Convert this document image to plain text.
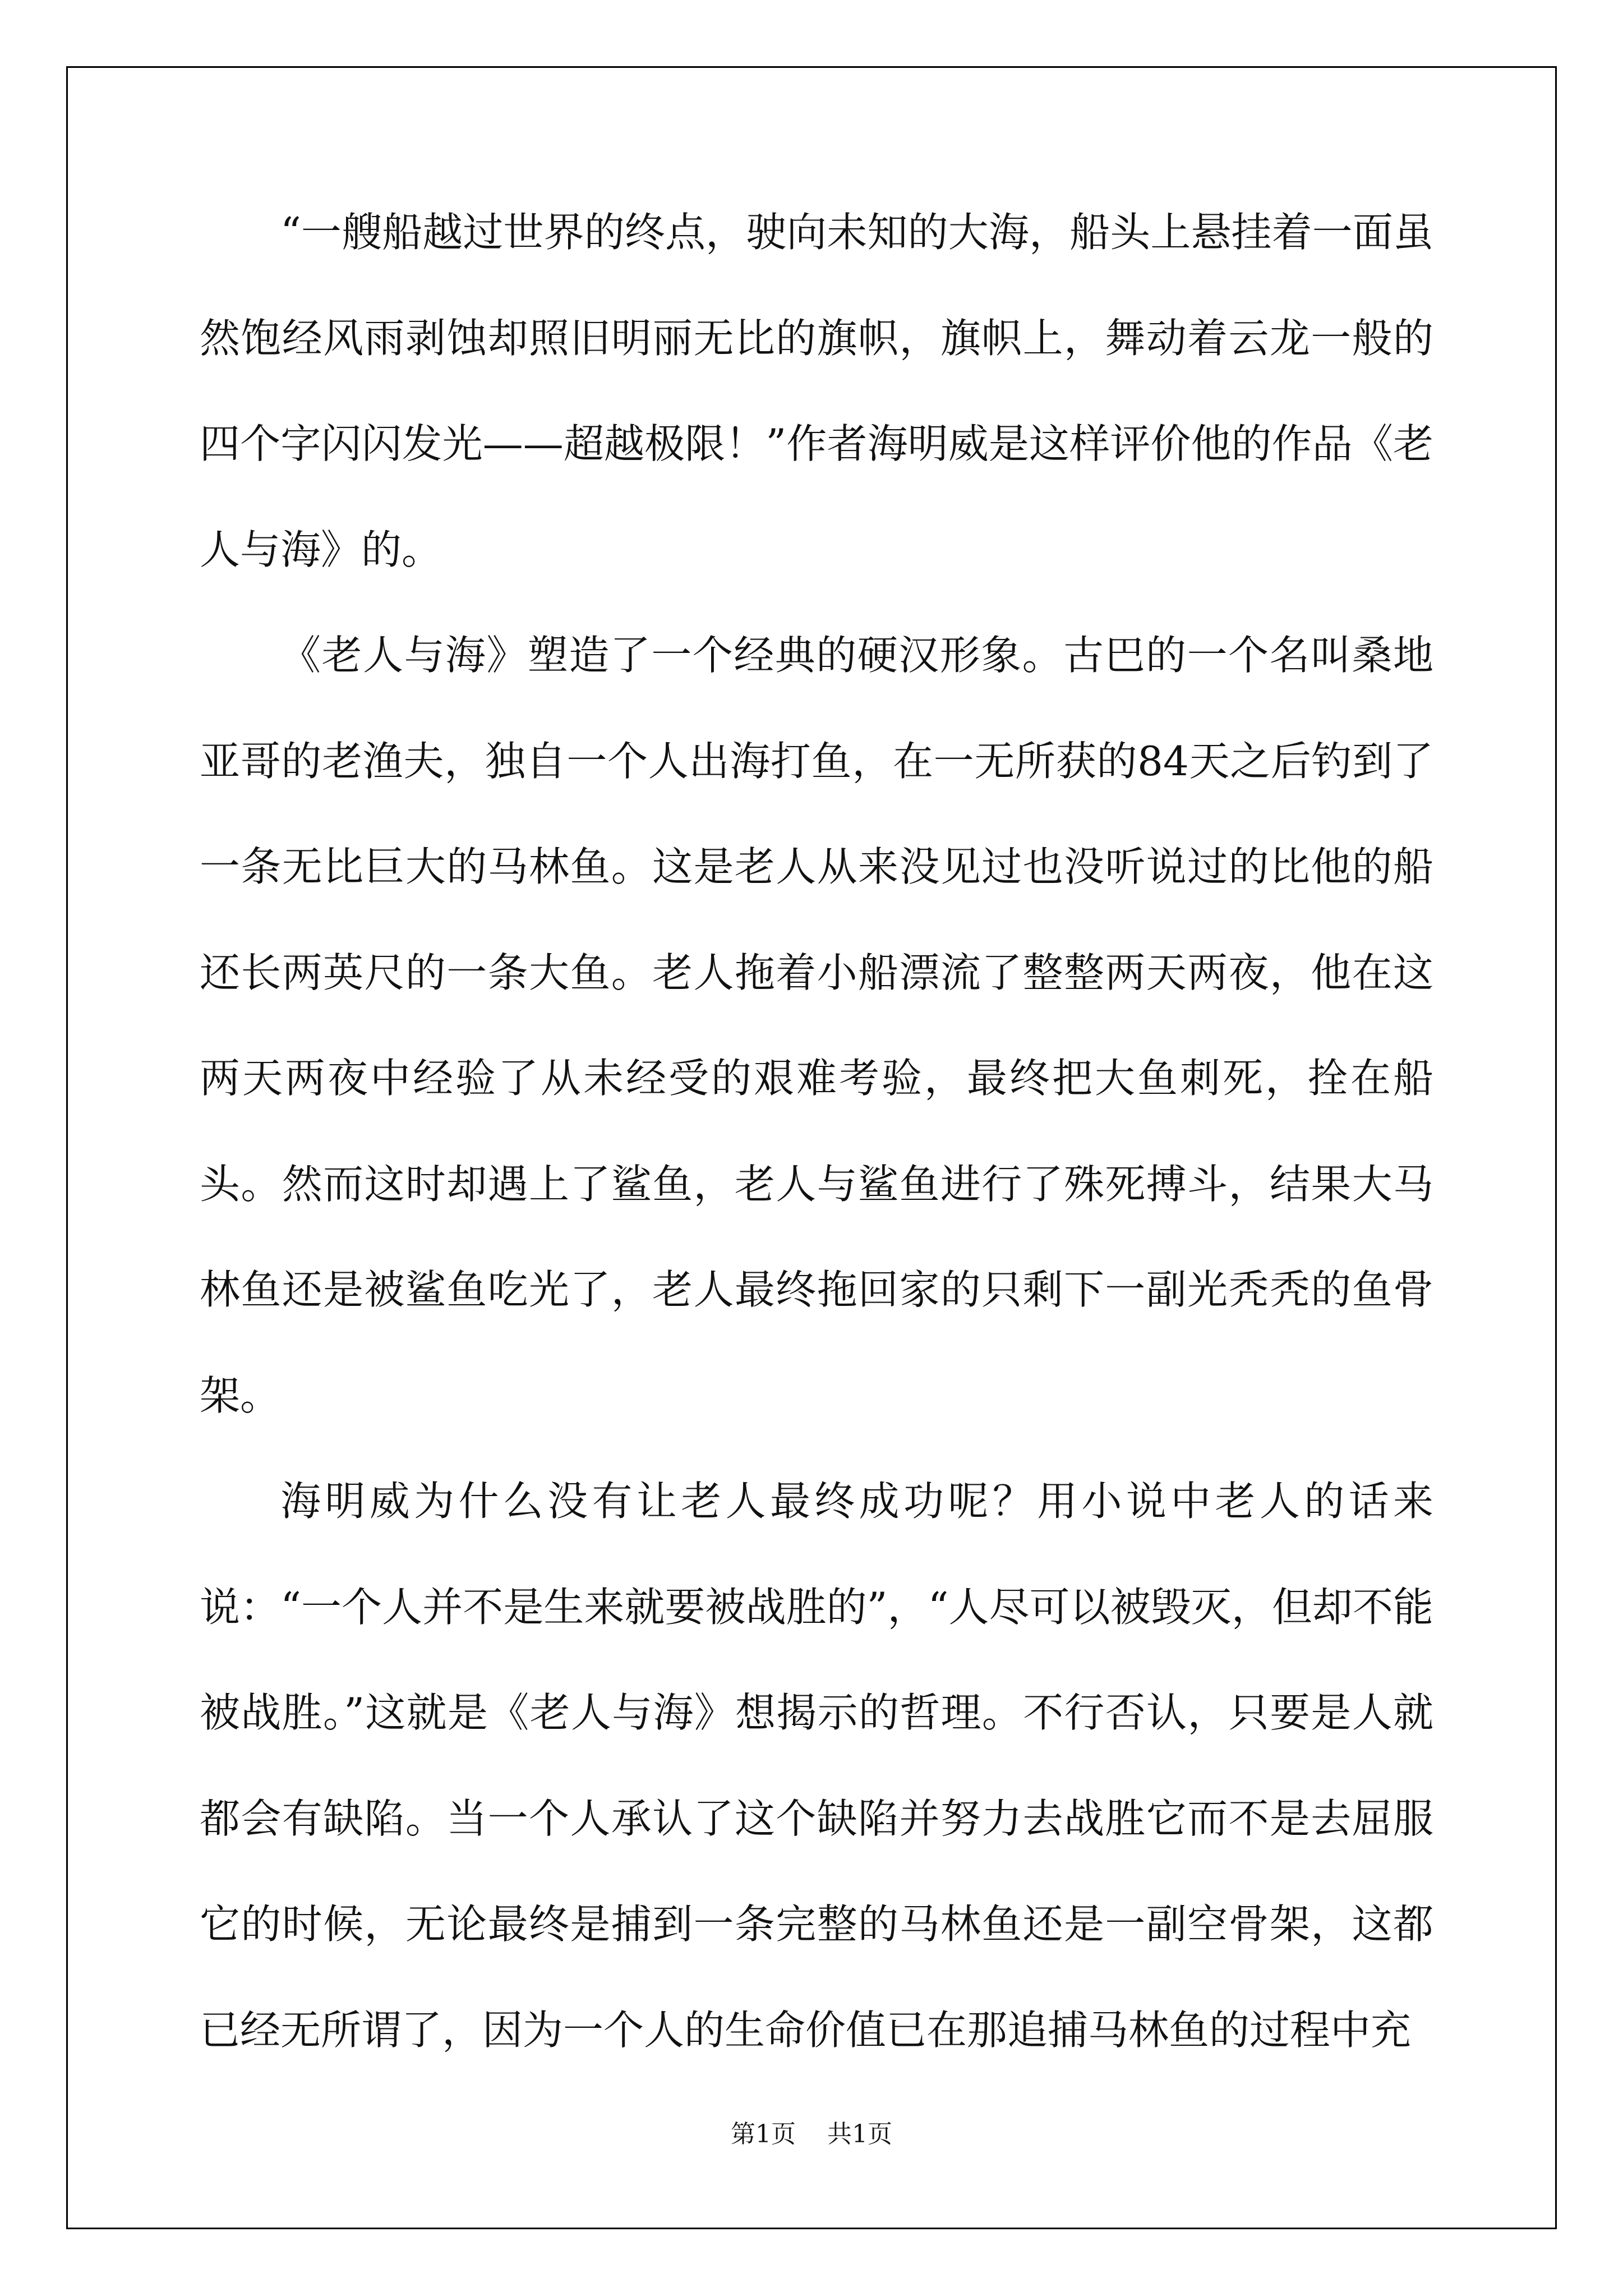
“一艘船越过世界的终点，驶向未知的大海，船头上悬挂着一面虽然饱经风雨剥蚀却照旧明丽无比的旗帜，旗帜上，舞动着云龙一般的四个字闪闪发光——超越极限！”作者海明威是这样评价他的作品《老人与海》的。

《老人与海》塑造了一个经典的硬汉形象。古巴的一个名叫桑地亚哥的老渔夫，独自一个人出海打鱼，在一无所获的84天之后钓到了一条无比巨大的马林鱼。这是老人从来没见过也没听说过的比他的船还长两英尺的一条大鱼。老人拖着小船漂流了整整两天两夜，他在这两天两夜中经验了从未经受的艰难考验，最终把大鱼刺死，拴在船头。然而这时却遇上了鲨鱼，老人与鲨鱼进行了殊死搏斗，结果大马林鱼还是被鲨鱼吃光了，老人最终拖回家的只剩下一副光秃秃的鱼骨架。

海明威为什么没有让老人最终成功呢？用小说中老人的话来说：“一个人并不是生来就要被战胜的”，“人尽可以被毁灭，但却不能被战胜。”这就是《老人与海》想揭示的哲理。不行否认，只要是人就都会有缺陷。当一个人承认了这个缺陷并努力去战胜它而不是去屈服它的时候，无论最终是捕到一条完整的马林鱼还是一副空骨架，这都已经无所谓了，因为一个人的生命价值已在那追捕马林鱼的过程中充

第1页    共1页
